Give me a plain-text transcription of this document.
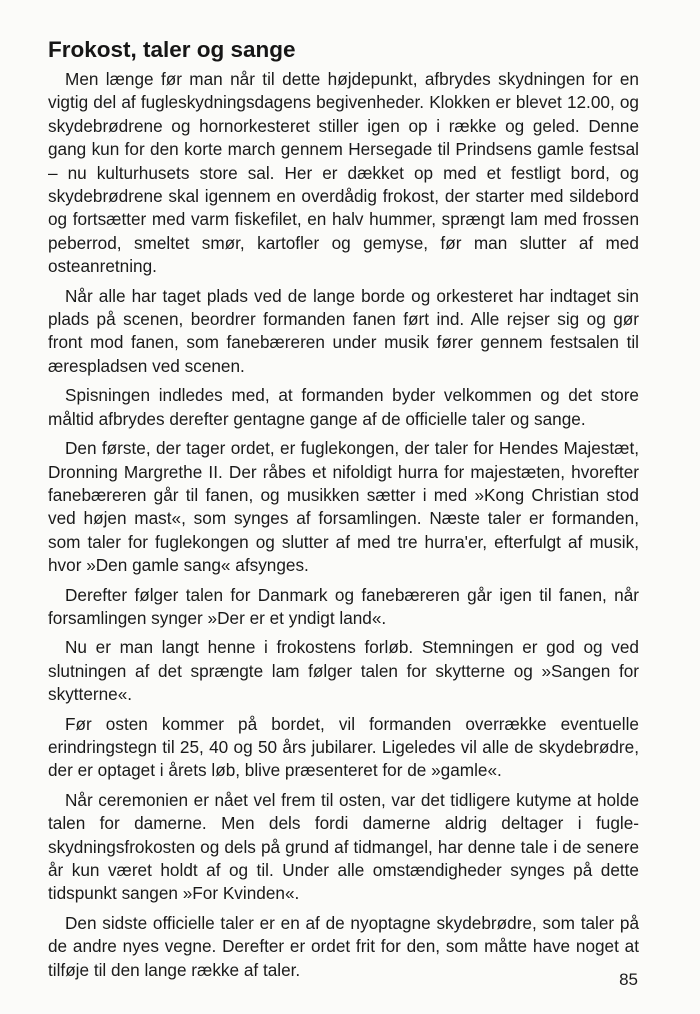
Frokost, taler og sange

Men længe før man når til dette højdepunkt, afbrydes skydningen for en vigtig del af fugleskydningsdagens begivenheder. Klokken er blevet 12.00, og skydebrødrene og hornorkesteret stiller igen op i række og geled. Denne gang kun for den korte march gennem Hersegade til Prindsens gamle festsal – nu kulturhusets store sal. Her er dækket op med et festligt bord, og skydebrødrene skal igennem en overdådig frokost, der starter med sildebord og fortsætter med varm fiskefilet, en halv hummer, sprængt lam med frossen peberrod, smeltet smør, kartofler og gemyse, før man slutter af med osteanretning.

Når alle har taget plads ved de lange borde og orkesteret har indtaget sin plads på scenen, beordrer formanden fanen ført ind. Alle rejser sig og gør front mod fanen, som fanebæreren under musik fører gennem festsalen til ærespladsen ved scenen.

Spisningen indledes med, at formanden byder velkommen og det store måltid afbrydes derefter gentagne gange af de officielle taler og sange.

Den første, der tager ordet, er fuglekongen, der taler for Hendes Majestæt, Dronning Margrethe II. Der råbes et nifoldigt hurra for majestæten, hvorefter fanebæreren går til fanen, og musikken sætter i med »Kong Christian stod ved højen mast«, som synges af forsamlingen. Næste taler er formanden, som taler for fuglekongen og slutter af med tre hurra'er, efterfulgt af musik, hvor »Den gamle sang« afsynges.

Derefter følger talen for Danmark og fanebæreren går igen til fanen, når forsamlingen synger »Der er et yndigt land«.

Nu er man langt henne i frokostens forløb. Stemningen er god og ved slutningen af det sprængte lam følger talen for skytterne og »Sangen for skytterne«.

Før osten kommer på bordet, vil formanden overrække eventuelle erindringstegn til 25, 40 og 50 års jubilarer. Ligeledes vil alle de skydebrødre, der er optaget i årets løb, blive præsenteret for de »gamle«.

Når ceremonien er nået vel frem til osten, var det tidligere kutyme at holde talen for damerne. Men dels fordi damerne aldrig deltager i fugleskydningsfrokosten og dels på grund af tidmangel, har denne tale i de senere år kun været holdt af og til. Under alle omstændigheder synges på dette tidspunkt sangen »For Kvinden«.

Den sidste officielle taler er en af de nyoptagne skydebrødre, som taler på de andre nyes vegne. Derefter er ordet frit for den, som måtte have noget at tilføje til den lange række af taler.	85
